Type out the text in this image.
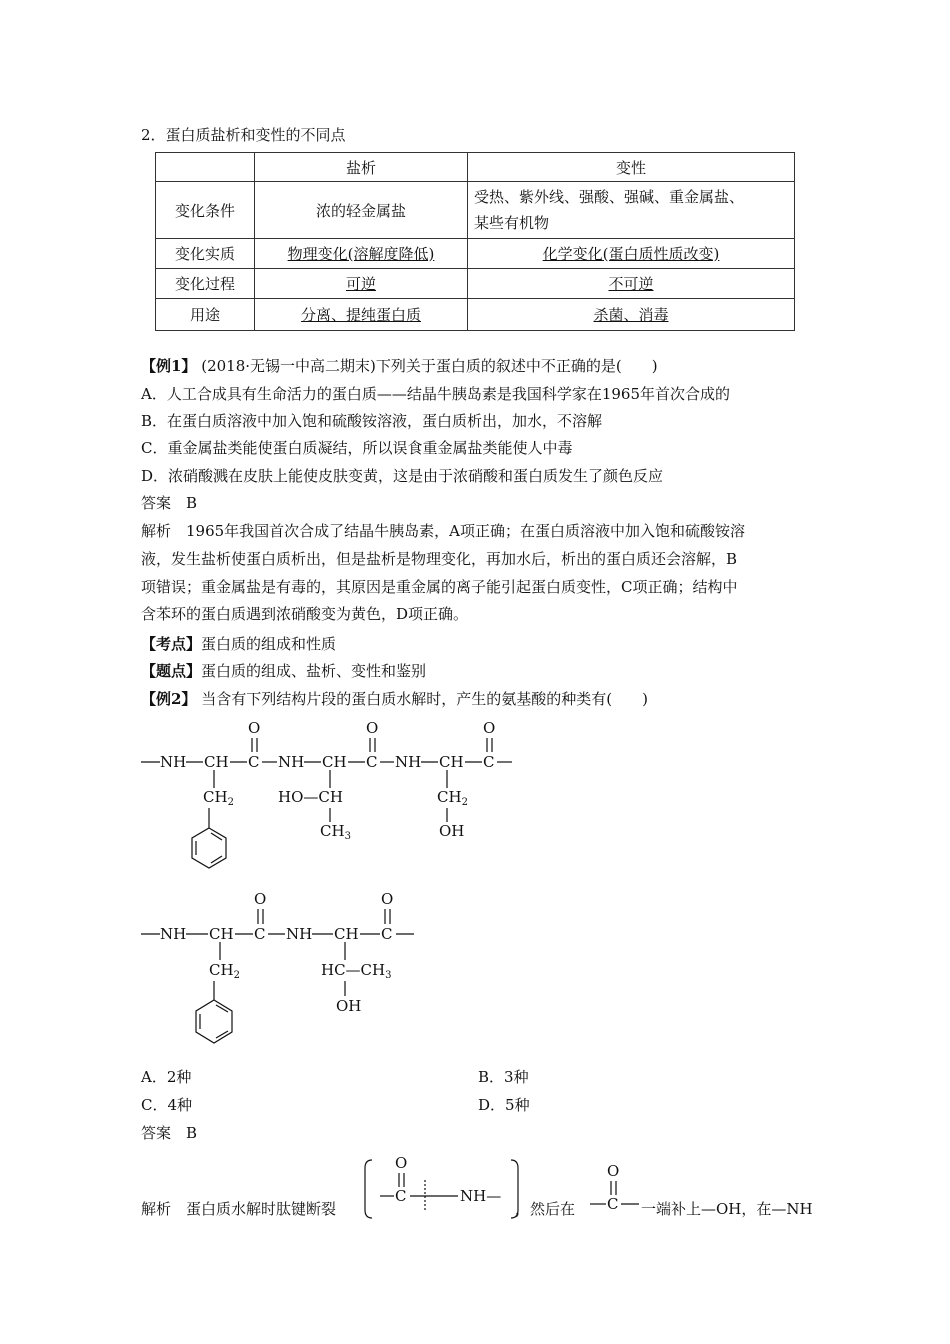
2．蛋白质盐析和变性的不同点
	盐析	变性
变化条件	浓的轻金属盐	受热、紫外线、强酸、强碱、重金属盐、
某些有机物

变化实质	物理变化(溶解度降低)	化学变化(蛋白质性质改变)
变化过程	可逆	不可逆
用途	分离、提纯蛋白质	杀菌、消毒
【例1】 (2018·无锡一中高二期末)下列关于蛋白质的叙述中不正确的是(　　)
A．人工合成具有生命活力的蛋白质——结晶牛胰岛素是我国科学家在1965年首次合成的
B．在蛋白质溶液中加入饱和硫酸铵溶液，蛋白质析出，加水，不溶解
C．重金属盐类能使蛋白质凝结，所以误食重金属盐类能使人中毒
D．浓硝酸溅在皮肤上能使皮肤变黄，这是由于浓硝酸和蛋白质发生了颜色反应
答案　B
解析　1965年我国首次合成了结晶牛胰岛素，A项正确；在蛋白质溶液中加入饱和硫酸铵溶
液，发生盐析使蛋白质析出，但是盐析是物理变化，再加水后，析出的蛋白质还会溶解，B
项错误；重金属盐是有毒的，其原因是重金属的离子能引起蛋白质变性，C项正确；结构中
含苯环的蛋白质遇到浓硝酸变为黄色，D项正确。
【考点】蛋白质的组成和性质
【题点】蛋白质的组成、盐析、变性和鉴别
【例2】 当含有下列结构片段的蛋白质水解时，产生的氨基酸的种类有(　　)
NH CH C NH CH C NH CH C
O	O	O
$CH_2$	HO—CH
$CH_3$
$CH_2$
OH
NH CH C NH CH C
O	O
$CH_2$	$HC—CH_3$
OH
A．2种	B．3种
C．4种	D．5种
答案　B
解析　蛋白质水解时肽键断裂	，然后在	一端补上—OH，在—NH
C
O
NH—	C
O
